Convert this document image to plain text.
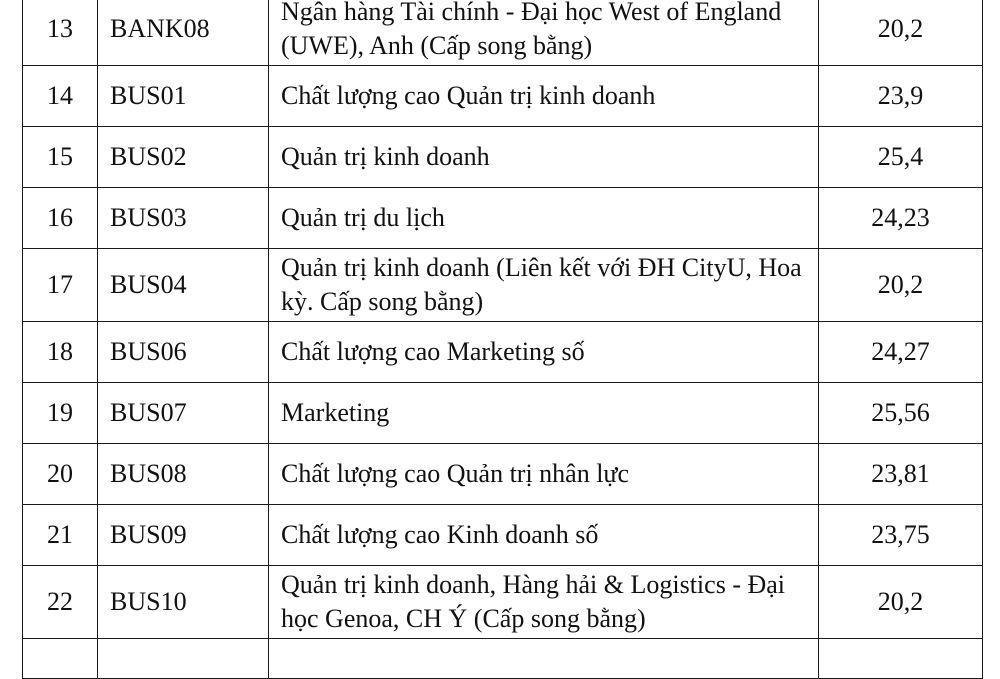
13	BANK08	Ngân hàng Tài chính - Đại học West of England (UWE), Anh (Cấp song bằng)	20,2
14	BUS01	Chất lượng cao Quản trị kinh doanh	23,9
15	BUS02	Quản trị kinh doanh	25,4
16	BUS03	Quản trị du lịch	24,23
17	BUS04	Quản trị kinh doanh (Liên kết với ĐH CityU, Hoa kỳ. Cấp song bằng)	20,2
18	BUS06	Chất lượng cao Marketing số	24,27
19	BUS07	Marketing	25,56
20	BUS08	Chất lượng cao Quản trị nhân lực	23,81
21	BUS09	Chất lượng cao Kinh doanh số	23,75
22	BUS10	Quản trị kinh doanh, Hàng hải & Logistics - Đại học Genoa, CH Ý (Cấp song bằng)	20,2
